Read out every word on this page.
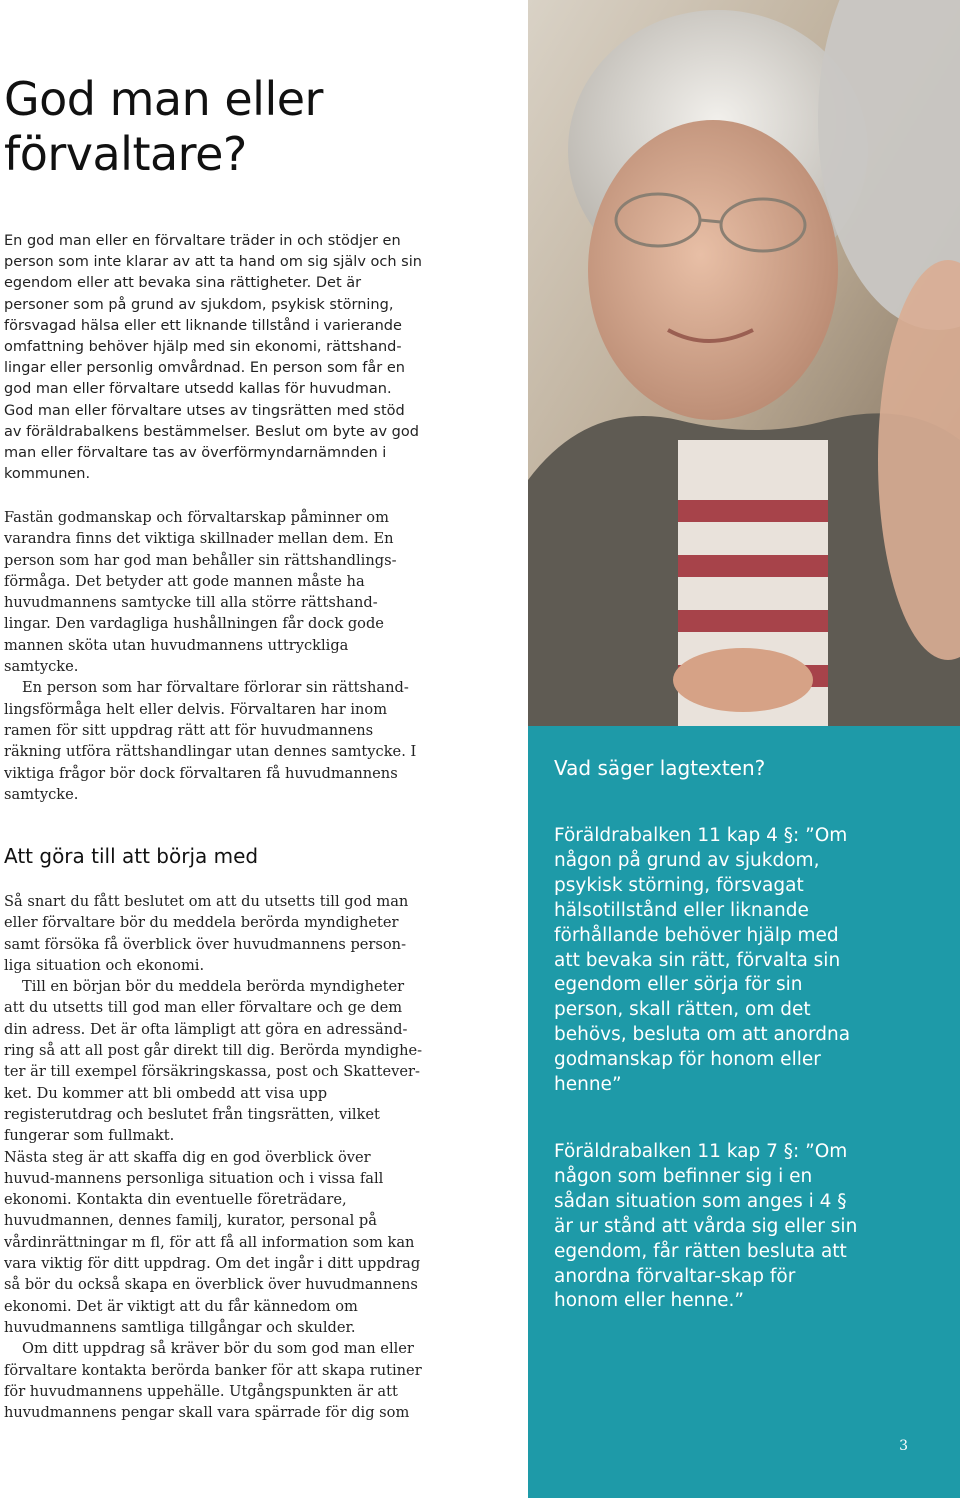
God man eller
förvaltare?

En god man eller en förvaltare träder in och stödjer en person som inte klarar av att ta hand om sig själv och sin egendom eller att bevaka sina rättigheter. Det är personer som på grund av sjukdom, psykisk störning, försvagad hälsa eller ett liknande tillstånd i varierande omfattning behöver hjälp med sin ekonomi, rättshand-lingar eller personlig omvårdnad. En person som får en god man eller förvaltare utsedd kallas för huvudman. God man eller förvaltare utses av tingsrätten med stöd av föräldrabalkens bestämmelser. Beslut om byte av god man eller förvaltare tas av överförmyndarnämnden i kommunen.

Fastän godmanskap och förvaltarskap påminner om varandra finns det viktiga skillnader mellan dem. En person som har god man behåller sin rättshandlings-förmåga. Det betyder att gode mannen måste ha huvudmannens samtycke till alla större rättshand-lingar. Den vardagliga hushållningen får dock gode mannen sköta utan huvudmannens uttryckliga samtycke.

En person som har förvaltare förlorar sin rättshand-lingsförmåga helt eller delvis. Förvaltaren har inom ramen för sitt uppdrag rätt att för huvudmannens räkning utföra rättshandlingar utan dennes samtycke. I viktiga frågor bör dock förvaltaren få huvudmannens samtycke.

Att göra till att börja med

Så snart du fått beslutet om att du utsetts till god man eller förvaltare bör du meddela berörda myndigheter samt försöka få överblick över huvudmannens person-liga situation och ekonomi.

Till en början bör du meddela berörda myndigheter att du utsetts till god man eller förvaltare och ge dem din adress. Det är ofta lämpligt att göra en adressänd-ring så att all post går direkt till dig. Berörda myndighe-ter är till exempel försäkringskassa, post och Skattever-ket. Du kommer att bli ombedd att visa upp registerutdrag och beslutet från tingsrätten, vilket fungerar som fullmakt.

Nästa steg är att skaffa dig en god överblick över huvud-mannens personliga situation och i vissa fall ekonomi. Kontakta din eventuelle företrädare, huvudmannen, dennes familj, kurator, personal på vårdinrättningar m fl, för att få all information som kan vara viktig för ditt uppdrag. Om det ingår i ditt uppdrag så bör du också skapa en överblick över huvudmannens ekonomi. Det är viktigt att du får kännedom om huvudmannens samtliga tillgångar och skulder.

Om ditt uppdrag så kräver bör du som god man eller förvaltare kontakta berörda banker för att skapa rutiner för huvudmannens uppehälle. Utgångspunkten är att huvudmannens pengar skall vara spärrade för dig som

Vad säger lagtexten?

Föräldrabalken 11 kap 4 §: ”Om någon på grund av sjukdom, psykisk störning, försvagat hälsotillstånd eller liknande förhållande behöver hjälp med att bevaka sin rätt, förvalta sin egendom eller sörja för sin person, skall rätten, om det behövs, besluta om att anordna godmanskap för honom eller henne”

Föräldrabalken 11 kap 7 §: ”Om någon som befinner sig i en sådan situation som anges i 4 § är ur stånd att vårda sig eller sin egendom, får rätten besluta att anordna förvaltar-skap för honom eller henne.”

3
